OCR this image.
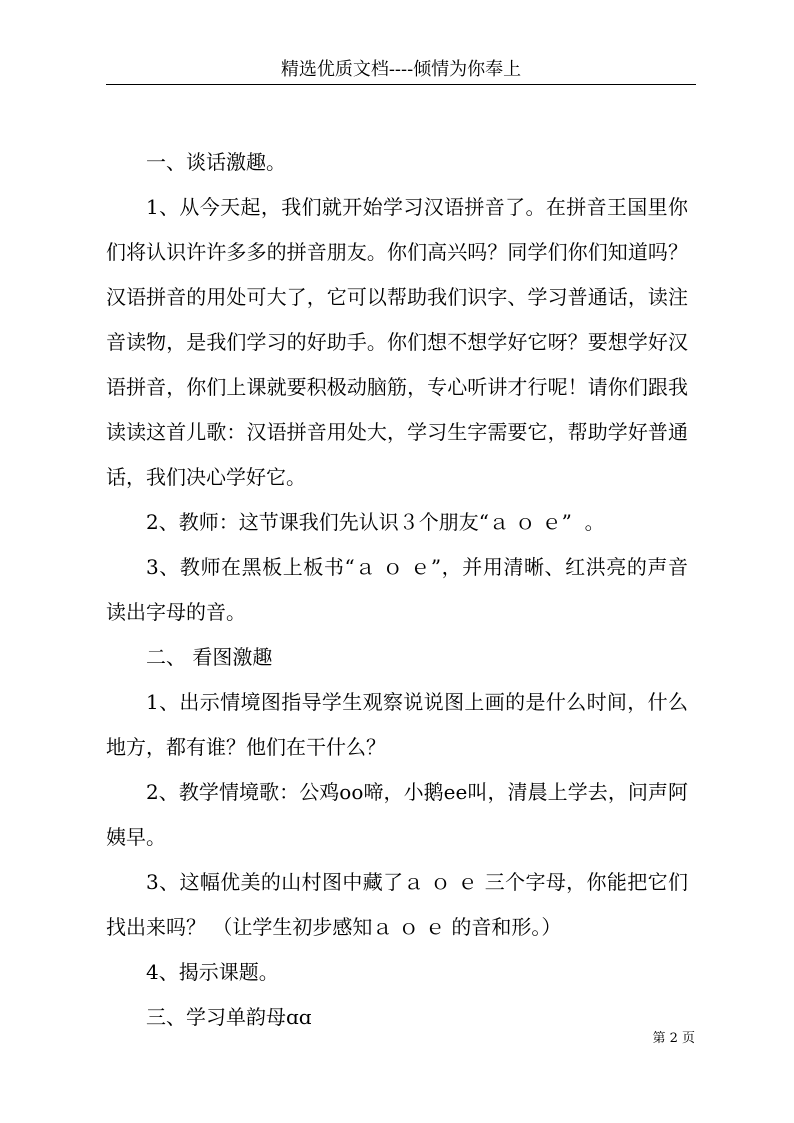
精选优质文档----倾情为你奉上

一、谈话激趣。

1、从今天起，我们就开始学习汉语拼音了。在拼音王国里你们将认识许许多多的拼音朋友。你们高兴吗？同学们你们知道吗？汉语拼音的用处可大了，它可以帮助我们识字、学习普通话，读注音读物，是我们学习的好助手。你们想不想学好它呀？要想学好汉语拼音，你们上课就要积极动脑筋，专心听讲才行呢！请你们跟我读读这首儿歌：汉语拼音用处大，学习生字需要它，帮助学好普通话，我们决心学好它。

2、教师：这节课我们先认识３个朋友“ａ ｏ ｅ”  。

3、教师在黑板上板书“ａ ｏ ｅ”，并用清晰、红洪亮的声音读出字母的音。

二、 看图激趣

1、出示情境图指导学生观察说说图上画的是什么时间，什么地方，都有谁？他们在干什么？

2、教学情境歌：公鸡oo啼，小鹅ee叫，清晨上学去，问声阿姨早。

3、这幅优美的山村图中藏了ａ ｏ ｅ 三个字母，你能把它们找出来吗？ （让学生初步感知ａ ｏ ｅ 的音和形。）

4、揭示课题。

三、学习单韵母ɑɑ

第 2 页
